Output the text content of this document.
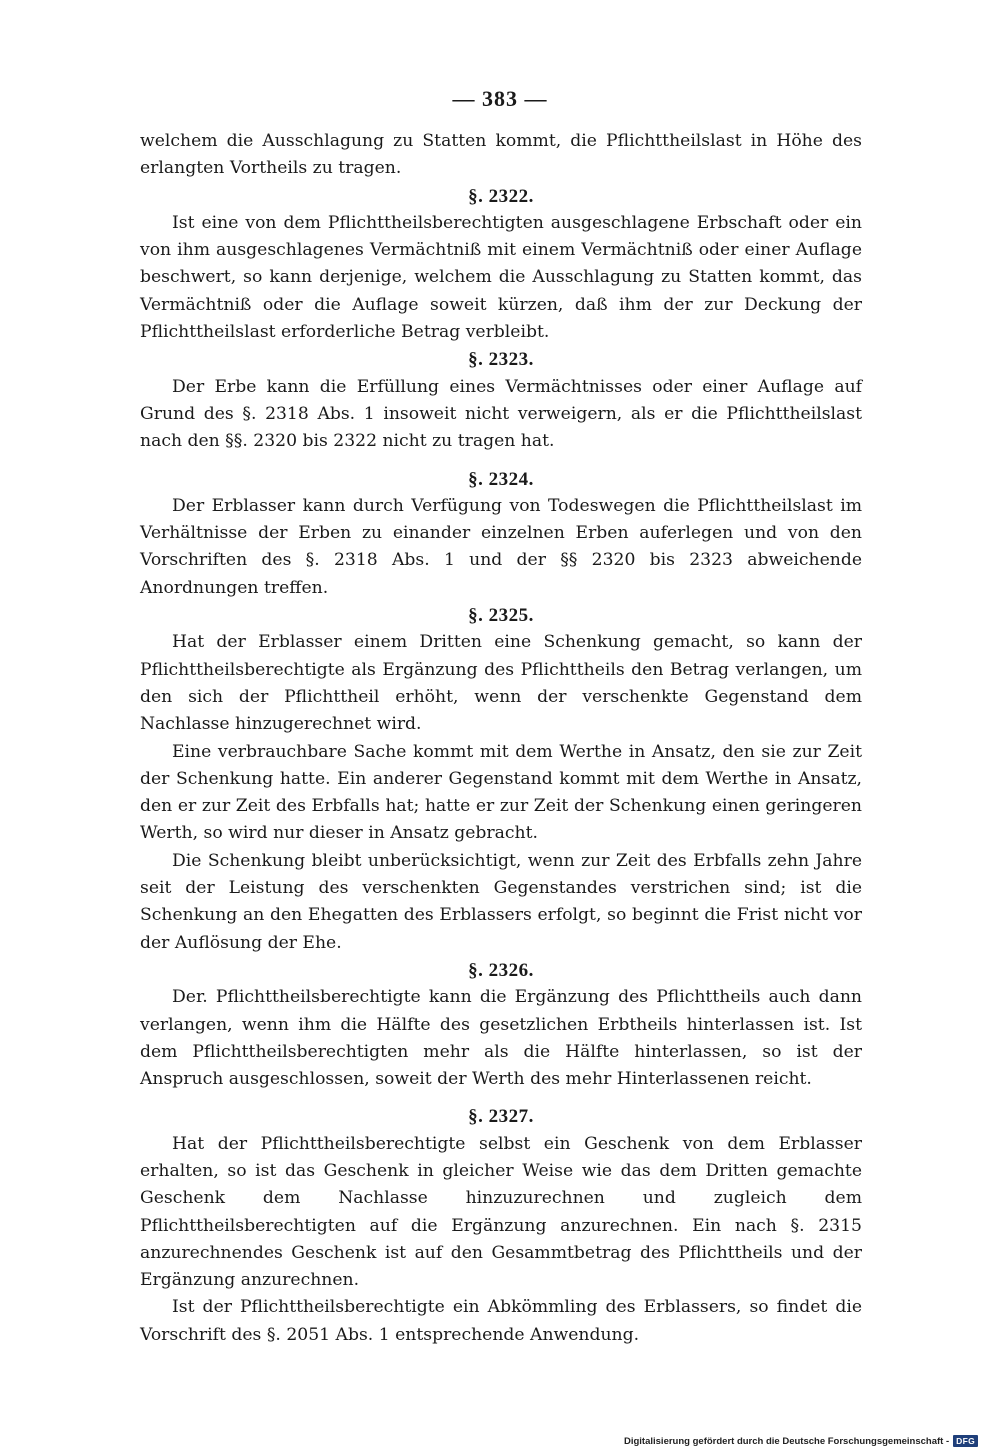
— 383 —

welchem die Ausschlagung zu Statten kommt, die Pflichttheilslast in Höhe des erlangten Vortheils zu tragen.

§. 2322.

Ist eine von dem Pflichttheilsberechtigten ausgeschlagene Erbschaft oder ein von ihm ausgeschlagenes Vermächtniß mit einem Vermächtniß oder einer Auflage beschwert, so kann derjenige, welchem die Ausschlagung zu Statten kommt, das Vermächtniß oder die Auflage soweit kürzen, daß ihm der zur Deckung der Pflichttheilslast erforderliche Betrag verbleibt.

§. 2323.

Der Erbe kann die Erfüllung eines Vermächtnisses oder einer Auflage auf Grund des §. 2318 Abs. 1 insoweit nicht verweigern, als er die Pflichttheilslast nach den §§. 2320 bis 2322 nicht zu tragen hat.

§. 2324.

Der Erblasser kann durch Verfügung von Todeswegen die Pflichttheilslast im Verhältnisse der Erben zu einander einzelnen Erben auferlegen und von den Vorschriften des §. 2318 Abs. 1 und der §§ 2320 bis 2323 abweichende Anordnungen treffen.

§. 2325.

Hat der Erblasser einem Dritten eine Schenkung gemacht, so kann der Pflichttheilsberechtigte als Ergänzung des Pflichttheils den Betrag verlangen, um den sich der Pflichttheil erhöht, wenn der verschenkte Gegenstand dem Nachlasse hinzugerechnet wird.

Eine verbrauchbare Sache kommt mit dem Werthe in Ansatz, den sie zur Zeit der Schenkung hatte. Ein anderer Gegenstand kommt mit dem Werthe in Ansatz, den er zur Zeit des Erbfalls hat; hatte er zur Zeit der Schenkung einen geringeren Werth, so wird nur dieser in Ansatz gebracht.

Die Schenkung bleibt unberücksichtigt, wenn zur Zeit des Erbfalls zehn Jahre seit der Leistung des verschenkten Gegenstandes verstrichen sind; ist die Schenkung an den Ehegatten des Erblassers erfolgt, so beginnt die Frist nicht vor der Auflösung der Ehe.

§. 2326.

Der. Pflichttheilsberechtigte kann die Ergänzung des Pflichttheils auch dann verlangen, wenn ihm die Hälfte des gesetzlichen Erbtheils hinterlassen ist. Ist dem Pflichttheilsberechtigten mehr als die Hälfte hinterlassen, so ist der Anspruch ausgeschlossen, soweit der Werth des mehr Hinterlassenen reicht.

§. 2327.

Hat der Pflichttheilsberechtigte selbst ein Geschenk von dem Erblasser erhalten, so ist das Geschenk in gleicher Weise wie das dem Dritten gemachte Geschenk dem Nachlasse hinzuzurechnen und zugleich dem Pflichttheilsberechtigten auf die Ergänzung anzurechnen. Ein nach §. 2315 anzurechnendes Geschenk ist auf den Gesammtbetrag des Pflichttheils und der Ergänzung anzurechnen.

Ist der Pflichttheilsberechtigte ein Abkömmling des Erblassers, so findet die Vorschrift des §. 2051 Abs. 1 entsprechende Anwendung.

Digitalisierung gefördert durch die Deutsche Forschungsgemeinschaft - DFG
